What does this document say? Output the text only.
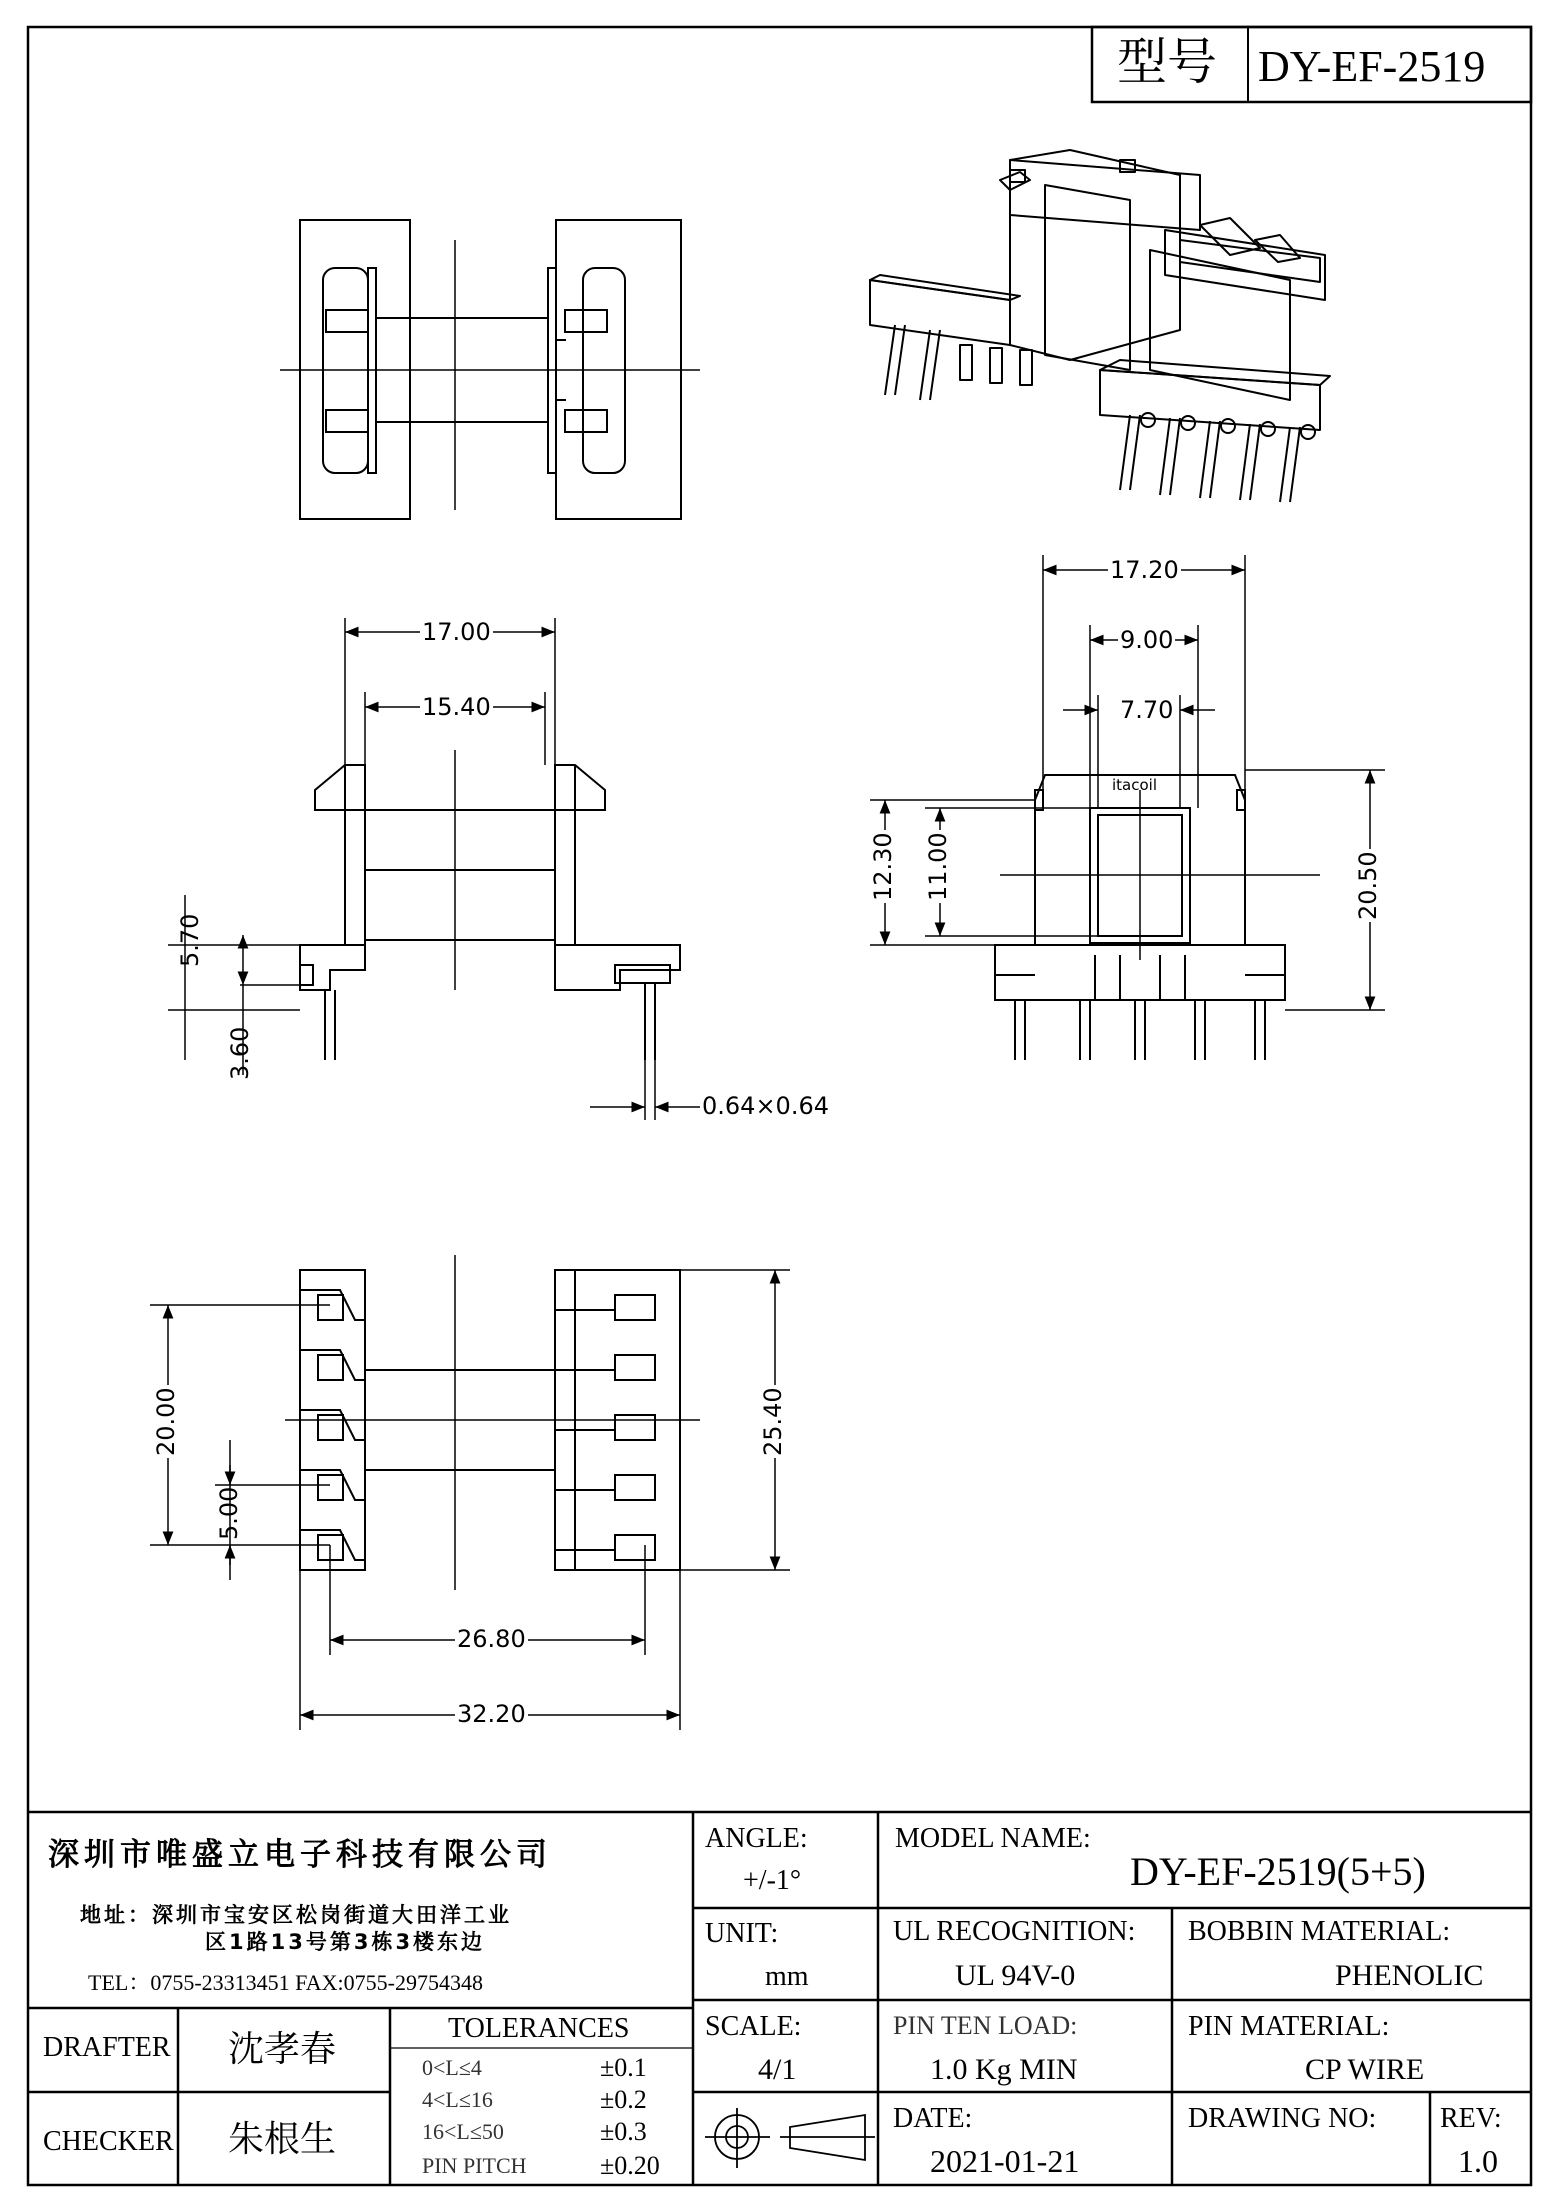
型号 DY-EF-2519
itacoil
17.00
15.40
5.70
3.60
0.64×0.64
17.20
9.00
7.70
12.30 11.00	20.50
20.00
5.00
25.40
26.80
32.20
深圳市唯盛立电子科技有限公司
地址：深圳市宝安区松岗街道大田洋工业
区1路13号第3栋3楼东边
TEL：0755-23313451 FAX:0755-29754348
ANGLE:
+/-1°
UNIT:
mm
SCALE:
4/1
MODEL NAME:
DY-EF-2519(5+5)
UL RECOGNITION:
UL 94V-0
BOBBIN MATERIAL:
PHENOLIC
PIN TEN LOAD:
1.0 Kg MIN
PIN MATERIAL:
CP WIRE
DATE:
2021-01-21
DRAWING NO: REV:
1.0
DRAFTER 沈孝春
CHECKER 朱根生
TOLERANCES
0<L≤4	±0.1
4<L≤16	±0.2
16<L≤50	±0.3
PIN PITCH	±0.20
